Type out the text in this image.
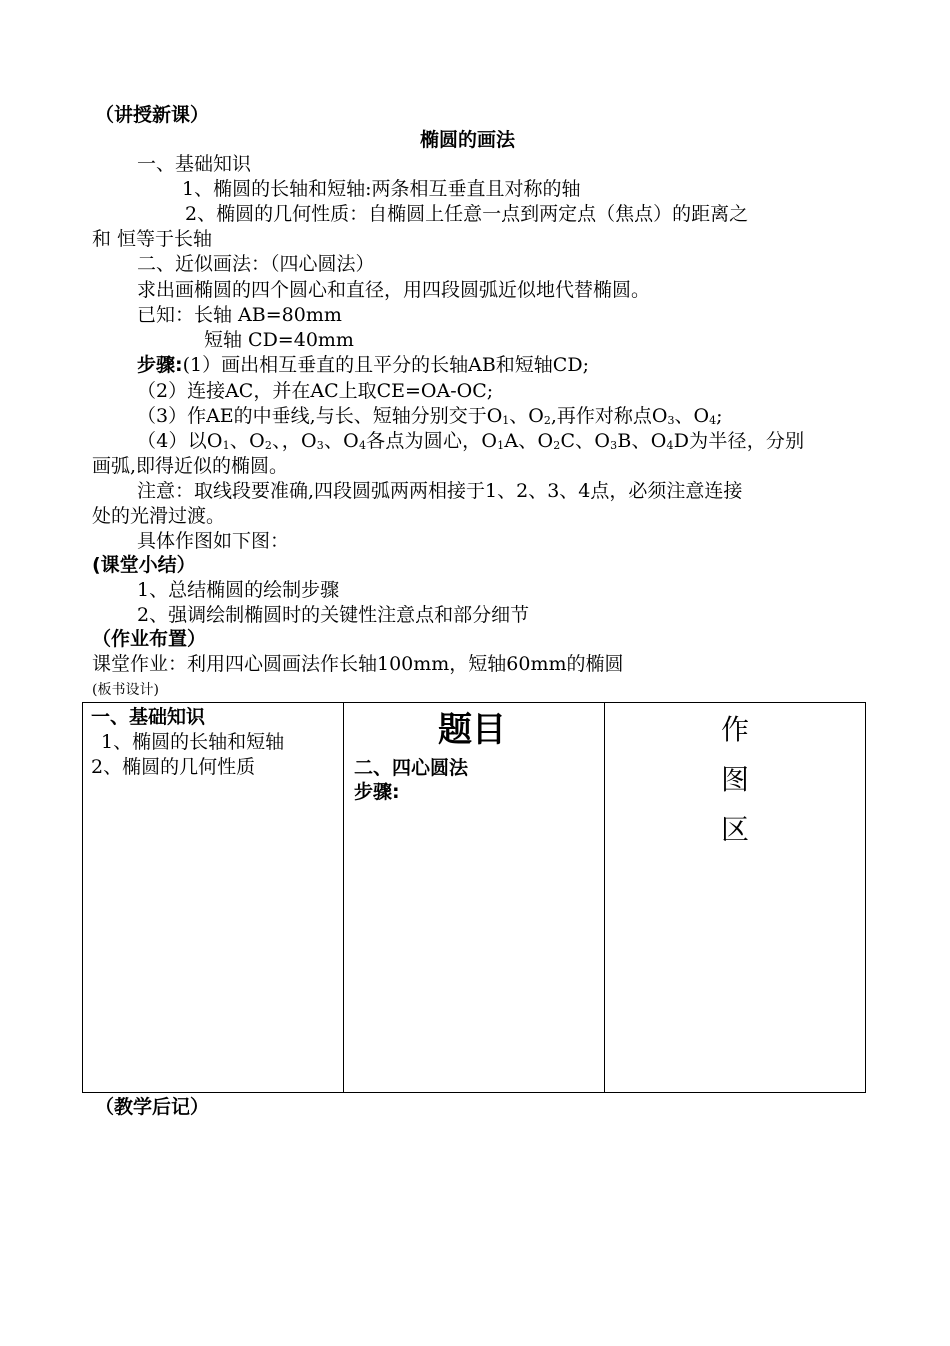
（讲授新课）
椭圆的画法
一、基础知识
1、椭圆的长轴和短轴:两条相互垂直且对称的轴
2、椭圆的几何性质：自椭圆上任意一点到两定点（焦点）的距离之
和 恒等于长轴
二、近似画法：（四心圆法）
求出画椭圆的四个圆心和直径，用四段圆弧近似地代替椭圆。
已知：长轴 AB=80mm
短轴 CD=40mm
步骤:(1）画出相互垂直的且平分的长轴AB和短轴CD;
（2）连接AC，并在AC上取CE=OA-OC;
（3）作AE的中垂线,与长、短轴分别交于$O_1$、$O_2$,再作对称点$O_3$、$O_4$;
（4）以$O_1$、$O_2$、，$O_3$、$O_4$各点为圆心，$O_1A$、$O_2C$、$O_3B$、$O_4D$为半径，分别
画弧,即得近似的椭圆。
注意：取线段要准确,四段圆弧两两相接于1、2、3、4点，必须注意连接
处的光滑过渡。
具体作图如下图：
(课堂小结）
1、总结椭圆的绘制步骤
2、强调绘制椭圆时的关键性注意点和部分细节
（作业布置）
课堂作业：利用四心圆画法作长轴100mm，短轴60mm的椭圆
(板书设计)
一、基础知识
1、椭圆的长轴和短轴
2、椭圆的几何性质

题目
二、四心圆法
步骤:

作
图
区
（教学后记）
